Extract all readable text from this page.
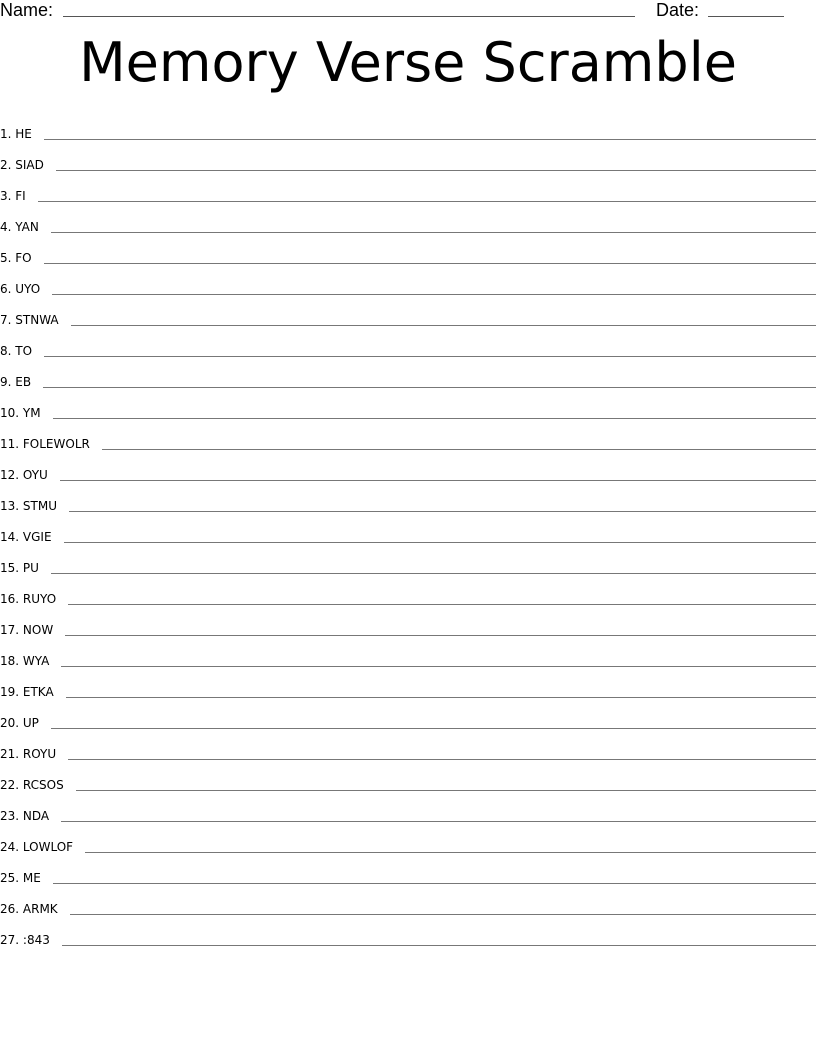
Name:	Date:
Memory Verse Scramble
1. HE
2. SIAD
3. FI
4. YAN
5. FO
6. UYO
7. STNWA
8. TO
9. EB
10. YM
11. FOLEWOLR
12. OYU
13. STMU
14. VGIE
15. PU
16. RUYO
17. NOW
18. WYA
19. ETKA
20. UP
21. ROYU
22. RCSOS
23. NDA
24. LOWLOF
25. ME
26. ARMK
27. :843
